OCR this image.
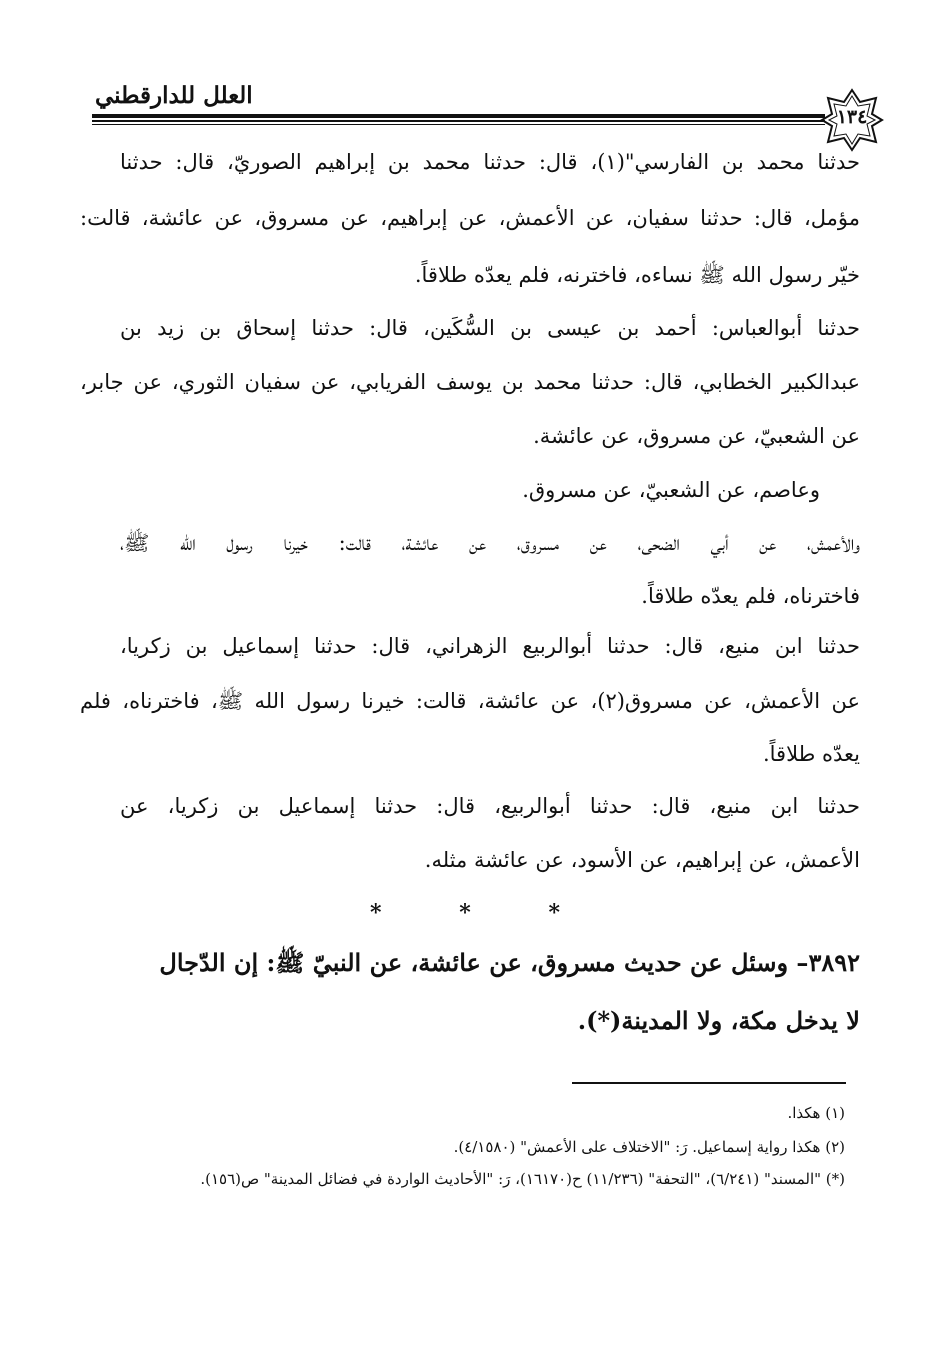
العلل للدارقطني
١٣٤
حدثنا محمد بن الفارسي"(١)، قال: حدثنا محمد بن إبراهيم الصوريّ، قال: حدثنا
مؤمل، قال: حدثنا سفيان، عن الأعمش، عن إبراهيم، عن مسروق، عن عائشة، قالت:
خيّر رسول الله ﷺ نساءه، فاخترنه، فلم يعدّه طلاقاً.
حدثنا أبوالعباس: أحمد بن عيسى بن السُّكَين، قال: حدثنا إسحاق بن زيد بن
عبدالكبير الخطابي، قال: حدثنا محمد بن يوسف الفريابي، عن سفيان الثوري، عن جابر،
عن الشعبيّ، عن مسروق، عن عائشة.
وعاصم، عن الشعبيّ، عن مسروق.
والأعمش، عن أبي الضحى، عن مسروق، عن عائشة، قالت: خيرنا رسول الله ﷺ،
فاخترناه، فلم يعدّه طلاقاً.
حدثنا ابن منيع، قال: حدثنا أبوالربيع الزهراني، قال: حدثنا إسماعيل بن زكريا،
عن الأعمش، عن مسروق(٢)، عن عائشة، قالت: خيرنا رسول الله ﷺ، فاخترناه، فلم
يعدّه طلاقاً.
حدثنا ابن منيع، قال: حدثنا أبوالربيع، قال: حدثنا إسماعيل بن زكريا، عن
الأعمش، عن إبراهيم، عن الأسود، عن عائشة مثله.
*	*	*
٣٨٩٢– وسئل عن حديث مسروق، عن عائشة، عن النبيّ ﷺ: إن الدّجال
لا يدخل مكة، ولا المدينة(*).
(١) هكذا.
(٢) هكذا رواية إسماعيل. رَ: "الاختلاف على الأعمش" (٤/١٥٨٠).
(*) "المسند" (٦/٢٤١)، "التحفة" (١١/٢٣٦) ح(١٦١٧٠)، رَ: "الأحاديث الواردة في فضائل المدينة" ص(١٥٦).
